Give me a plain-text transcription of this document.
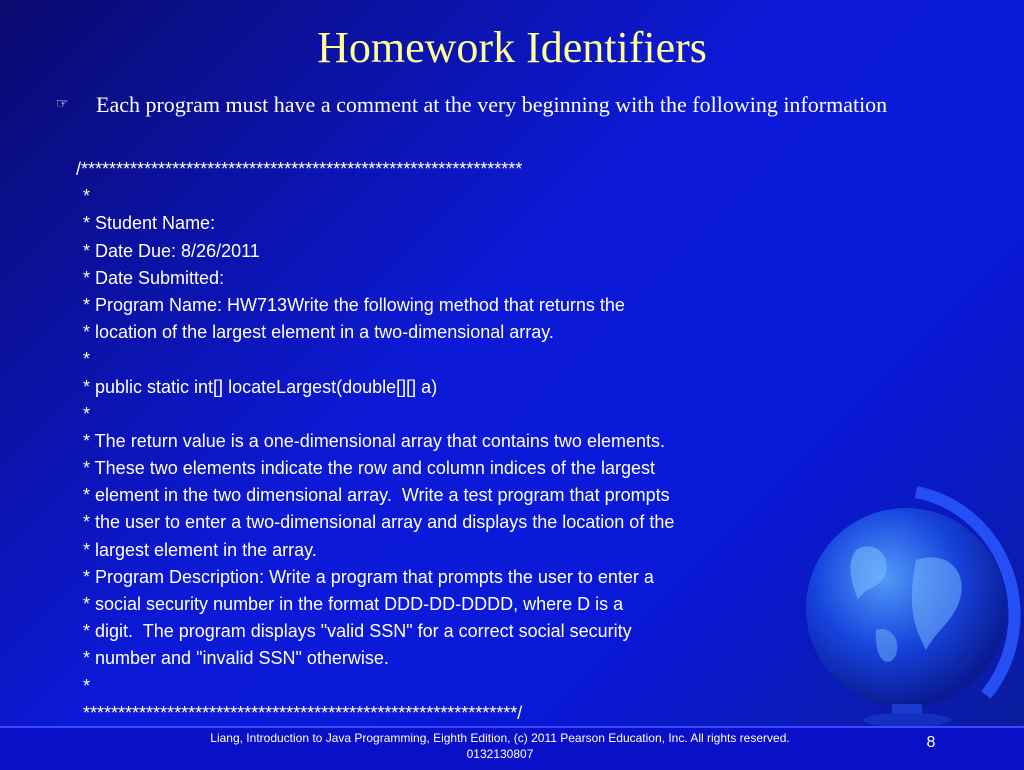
Homework Identifiers
☞ Each program must have a comment at the very beginning with the following information
/***************************************************************
*
* Student Name:
* Date Due: 8/26/2011
* Date Submitted:
* Program Name: HW713Write the following method that returns the
* location of the largest element in a two-dimensional array.
*
* public static int[] locateLargest(double[][] a)
*
* The return value is a one-dimensional array that contains two elements.
* These two elements indicate the row and column indices of the largest
* element in the two dimensional array.  Write a test program that prompts
* the user to enter a two-dimensional array and displays the location of the
* largest element in the array.
* Program Description: Write a program that prompts the user to enter a
* social security number in the format DDD-DD-DDDD, where D is a
* digit.  The program displays "valid SSN" for a correct social security
* number and "invalid SSN" otherwise.
*
**************************************************************/
Liang, Introduction to Java Programming, Eighth Edition, (c) 2011 Pearson Education, Inc. All rights reserved. 0132130807
8
